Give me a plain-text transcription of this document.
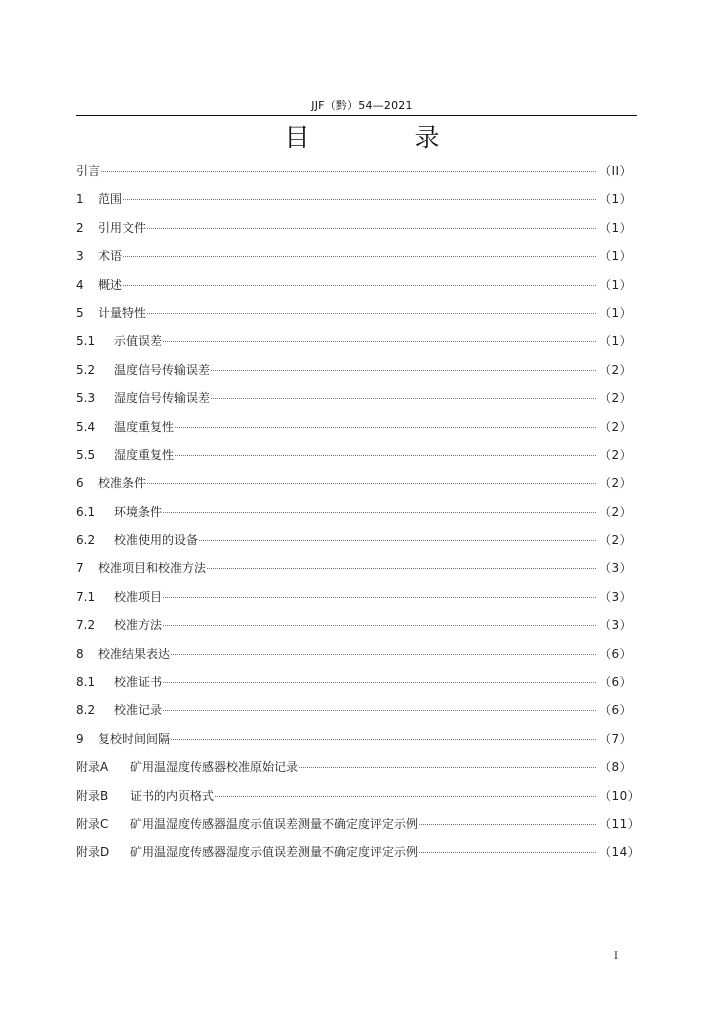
JJF（黔）54—2021
目　录
引言	（II）
1	范围	（1）
2	引用文件	（1）
3	术语	（1）
4	概述	（1）
5	计量特性	（1）
5.1	示值误差	（1）
5.2	温度信号传输误差	（2）
5.3	湿度信号传输误差	（2）
5.4	温度重复性	（2）
5.5	湿度重复性	（2）
6	校准条件	（2）
6.1	环境条件	（2）
6.2	校准使用的设备	（2）
7	校准项目和校准方法	（3）
7.1	校准项目	（3）
7.2	校准方法	（3）
8	校准结果表达	（6）
8.1	校准证书	（6）
8.2	校准记录	（6）
9	复校时间间隔	（7）
附录A	矿用温湿度传感器校准原始记录	（8）
附录B	证书的内页格式	（10）
附录C	矿用温湿度传感器温度示值误差测量不确定度评定示例	（11）
附录D	矿用温湿度传感器湿度示值误差测量不确定度评定示例	（14）
I
